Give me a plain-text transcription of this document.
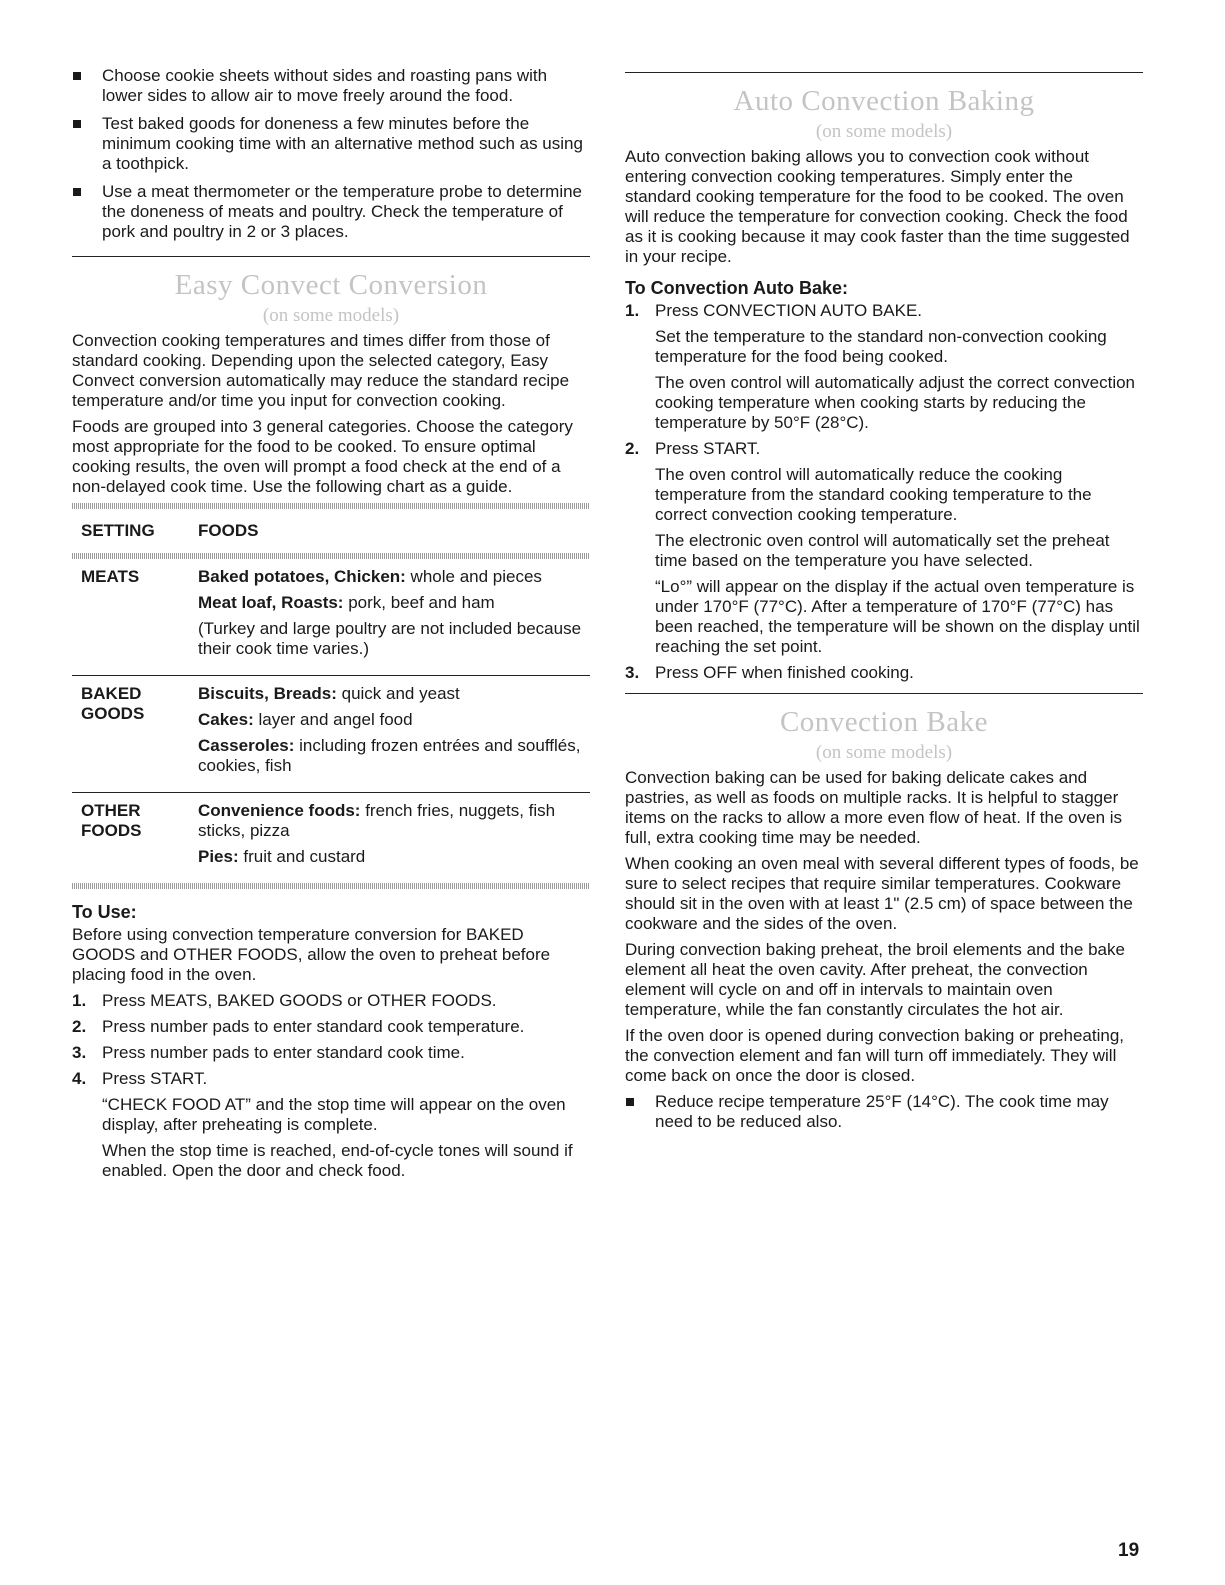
Choose cookie sheets without sides and roasting pans with lower sides to allow air to move freely around the food.
Test baked goods for doneness a few minutes before the minimum cooking time with an alternative method such as using a toothpick.
Use a meat thermometer or the temperature probe to determine the doneness of meats and poultry. Check the temperature of pork and poultry in 2 or 3 places.
Easy Convect Conversion
(on some models)

Convection cooking temperatures and times differ from those of standard cooking. Depending upon the selected category, Easy Convect conversion automatically may reduce the standard recipe temperature and/or time you input for convection cooking.

Foods are grouped into 3 general categories. Choose the category most appropriate for the food to be cooked. To ensure optimal cooking results, the oven will prompt a food check at the end of a non-delayed cook time. Use the following chart as a guide.

SETTING	FOODS
MEATS	Baked potatoes, Chicken: whole and pieces

Meat loaf, Roasts: pork, beef and ham

(Turkey and large poultry are not included because their cook time varies.)

BAKED GOODS

Biscuits, Breads: quick and yeast

Cakes: layer and angel food

Casseroles: including frozen entrées and soufflés, cookies, fish

OTHER FOODS

Convenience foods: french fries, nuggets, fish sticks, pizza

Pies: fruit and custard

To Use:

Before using convection temperature conversion for BAKED GOODS and OTHER FOODS, allow the oven to preheat before placing food in the oven.

1. Press MEATS, BAKED GOODS or OTHER FOODS.
2. Press number pads to enter standard cook temperature.
3. Press number pads to enter standard cook time.
4. Press START.
“CHECK FOOD AT” and the stop time will appear on the oven display, after preheating is complete.
When the stop time is reached, end-of-cycle tones will sound if enabled. Open the door and check food.
Auto Convection Baking
(on some models)

Auto convection baking allows you to convection cook without entering convection cooking temperatures. Simply enter the standard cooking temperature for the food to be cooked. The oven will reduce the temperature for convection cooking. Check the food as it is cooking because it may cook faster than the time suggested in your recipe.

To Convection Auto Bake:
1. Press CONVECTION AUTO BAKE.
Set the temperature to the standard non-convection cooking temperature for the food being cooked.
The oven control will automatically adjust the correct convection cooking temperature when cooking starts by reducing the temperature by 50°F (28°C).
2. Press START.
The oven control will automatically reduce the cooking temperature from the standard cooking temperature to the correct convection cooking temperature.
The electronic oven control will automatically set the preheat time based on the temperature you have selected.
“Lo°” will appear on the display if the actual oven temperature is under 170°F (77°C). After a temperature of 170°F (77°C) has been reached, the temperature will be shown on the display until reaching the set point.
3. Press OFF when finished cooking.
Convection Bake
(on some models)

Convection baking can be used for baking delicate cakes and pastries, as well as foods on multiple racks. It is helpful to stagger items on the racks to allow a more even flow of heat. If the oven is full, extra cooking time may be needed.

When cooking an oven meal with several different types of foods, be sure to select recipes that require similar temperatures. Cookware should sit in the oven with at least 1" (2.5 cm) of space between the cookware and the sides of the oven.

During convection baking preheat, the broil elements and the bake element all heat the oven cavity. After preheat, the convection element will cycle on and off in intervals to maintain oven temperature, while the fan constantly circulates the hot air.

If the oven door is opened during convection baking or preheating, the convection element and fan will turn off immediately. They will come back on once the door is closed.

Reduce recipe temperature 25°F (14°C). The cook time may need to be reduced also.
19
